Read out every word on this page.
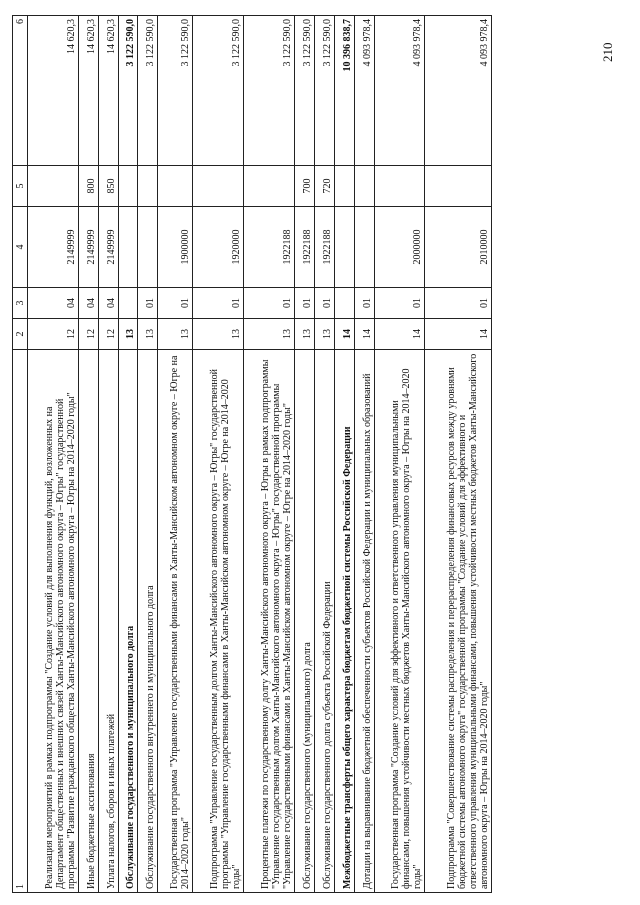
210
1	2	3	4	5	6
Реализация мероприятий в рамках подпрограммы "Создание условий для выполнения функций, возложенных на Департамент общественных и внешних связей Ханты-Мансийского автономного округа – Югры" государственной программы "Развитие гражданского общества Ханты-Мансийского автономного округа – Югры на 2014–2020 годы"	12	04	2149999		14 620,3
Иные бюджетные ассигнования	12	04	2149999	800	14 620,3
Уплата налогов, сборов и иных платежей	12	04	2149999	850	14 620,3
Обслуживание государственного и муниципального долга	13				3 122 590,0
Обслуживание государственного внутреннего и муниципального долга	13	01			3 122 590,0
Государственная программа "Управление государственными финансами в Ханты-Мансийском автономном округе – Югре на 2014–2020 годы"	13	01	1900000		3 122 590,0
Подпрограмма "Управление государственным долгом Ханты-Мансийского автономного округа – Югры" государственной программы "Управление государственными финансами в Ханты-Мансийском автономном округе – Югре на 2014–2020 годы"	13	01	1920000		3 122 590,0
Процентные платежи по государственному долгу Ханты-Мансийского автономного округа – Югры в рамках подпрограммы "Управление государственным долгом Ханты-Мансийского автономного округа – Югры" государственной программы "Управление государственными финансами в Ханты-Мансийском автономном округе – Югре на 2014–2020 годы"	13	01	1922188		3 122 590,0
Обслуживание государственного (муниципального) долга	13	01	1922188	700	3 122 590,0
Обслуживание государственного долга субъекта Российской Федерации	13	01	1922188	720	3 122 590,0
Межбюджетные трансферты общего характера бюджетам бюджетной системы Российской Федерации	14				10 396 838,7
Дотации на выравнивание бюджетной обеспеченности субъектов Российской Федерации и муниципальных образований	14	01			4 093 978,4
Государственная программа "Создание условий для эффективного и ответственного управления муниципальными финансами, повышения устойчивости местных бюджетов Ханты-Мансийского автономного округа – Югры на 2014–2020 годы"	14	01	2000000		4 093 978,4
Подпрограмма "Совершенствование системы распределения и перераспределения финансовых ресурсов между уровнями бюджетной системы автономного округа" государственной программы "Создание условий для эффективного и ответственного управления муниципальными финансами, повышения устойчивости местных бюджетов Ханты-Мансийского автономного округа – Югры на 2014–2020 годы"	14	01	2010000		4 093 978,4
